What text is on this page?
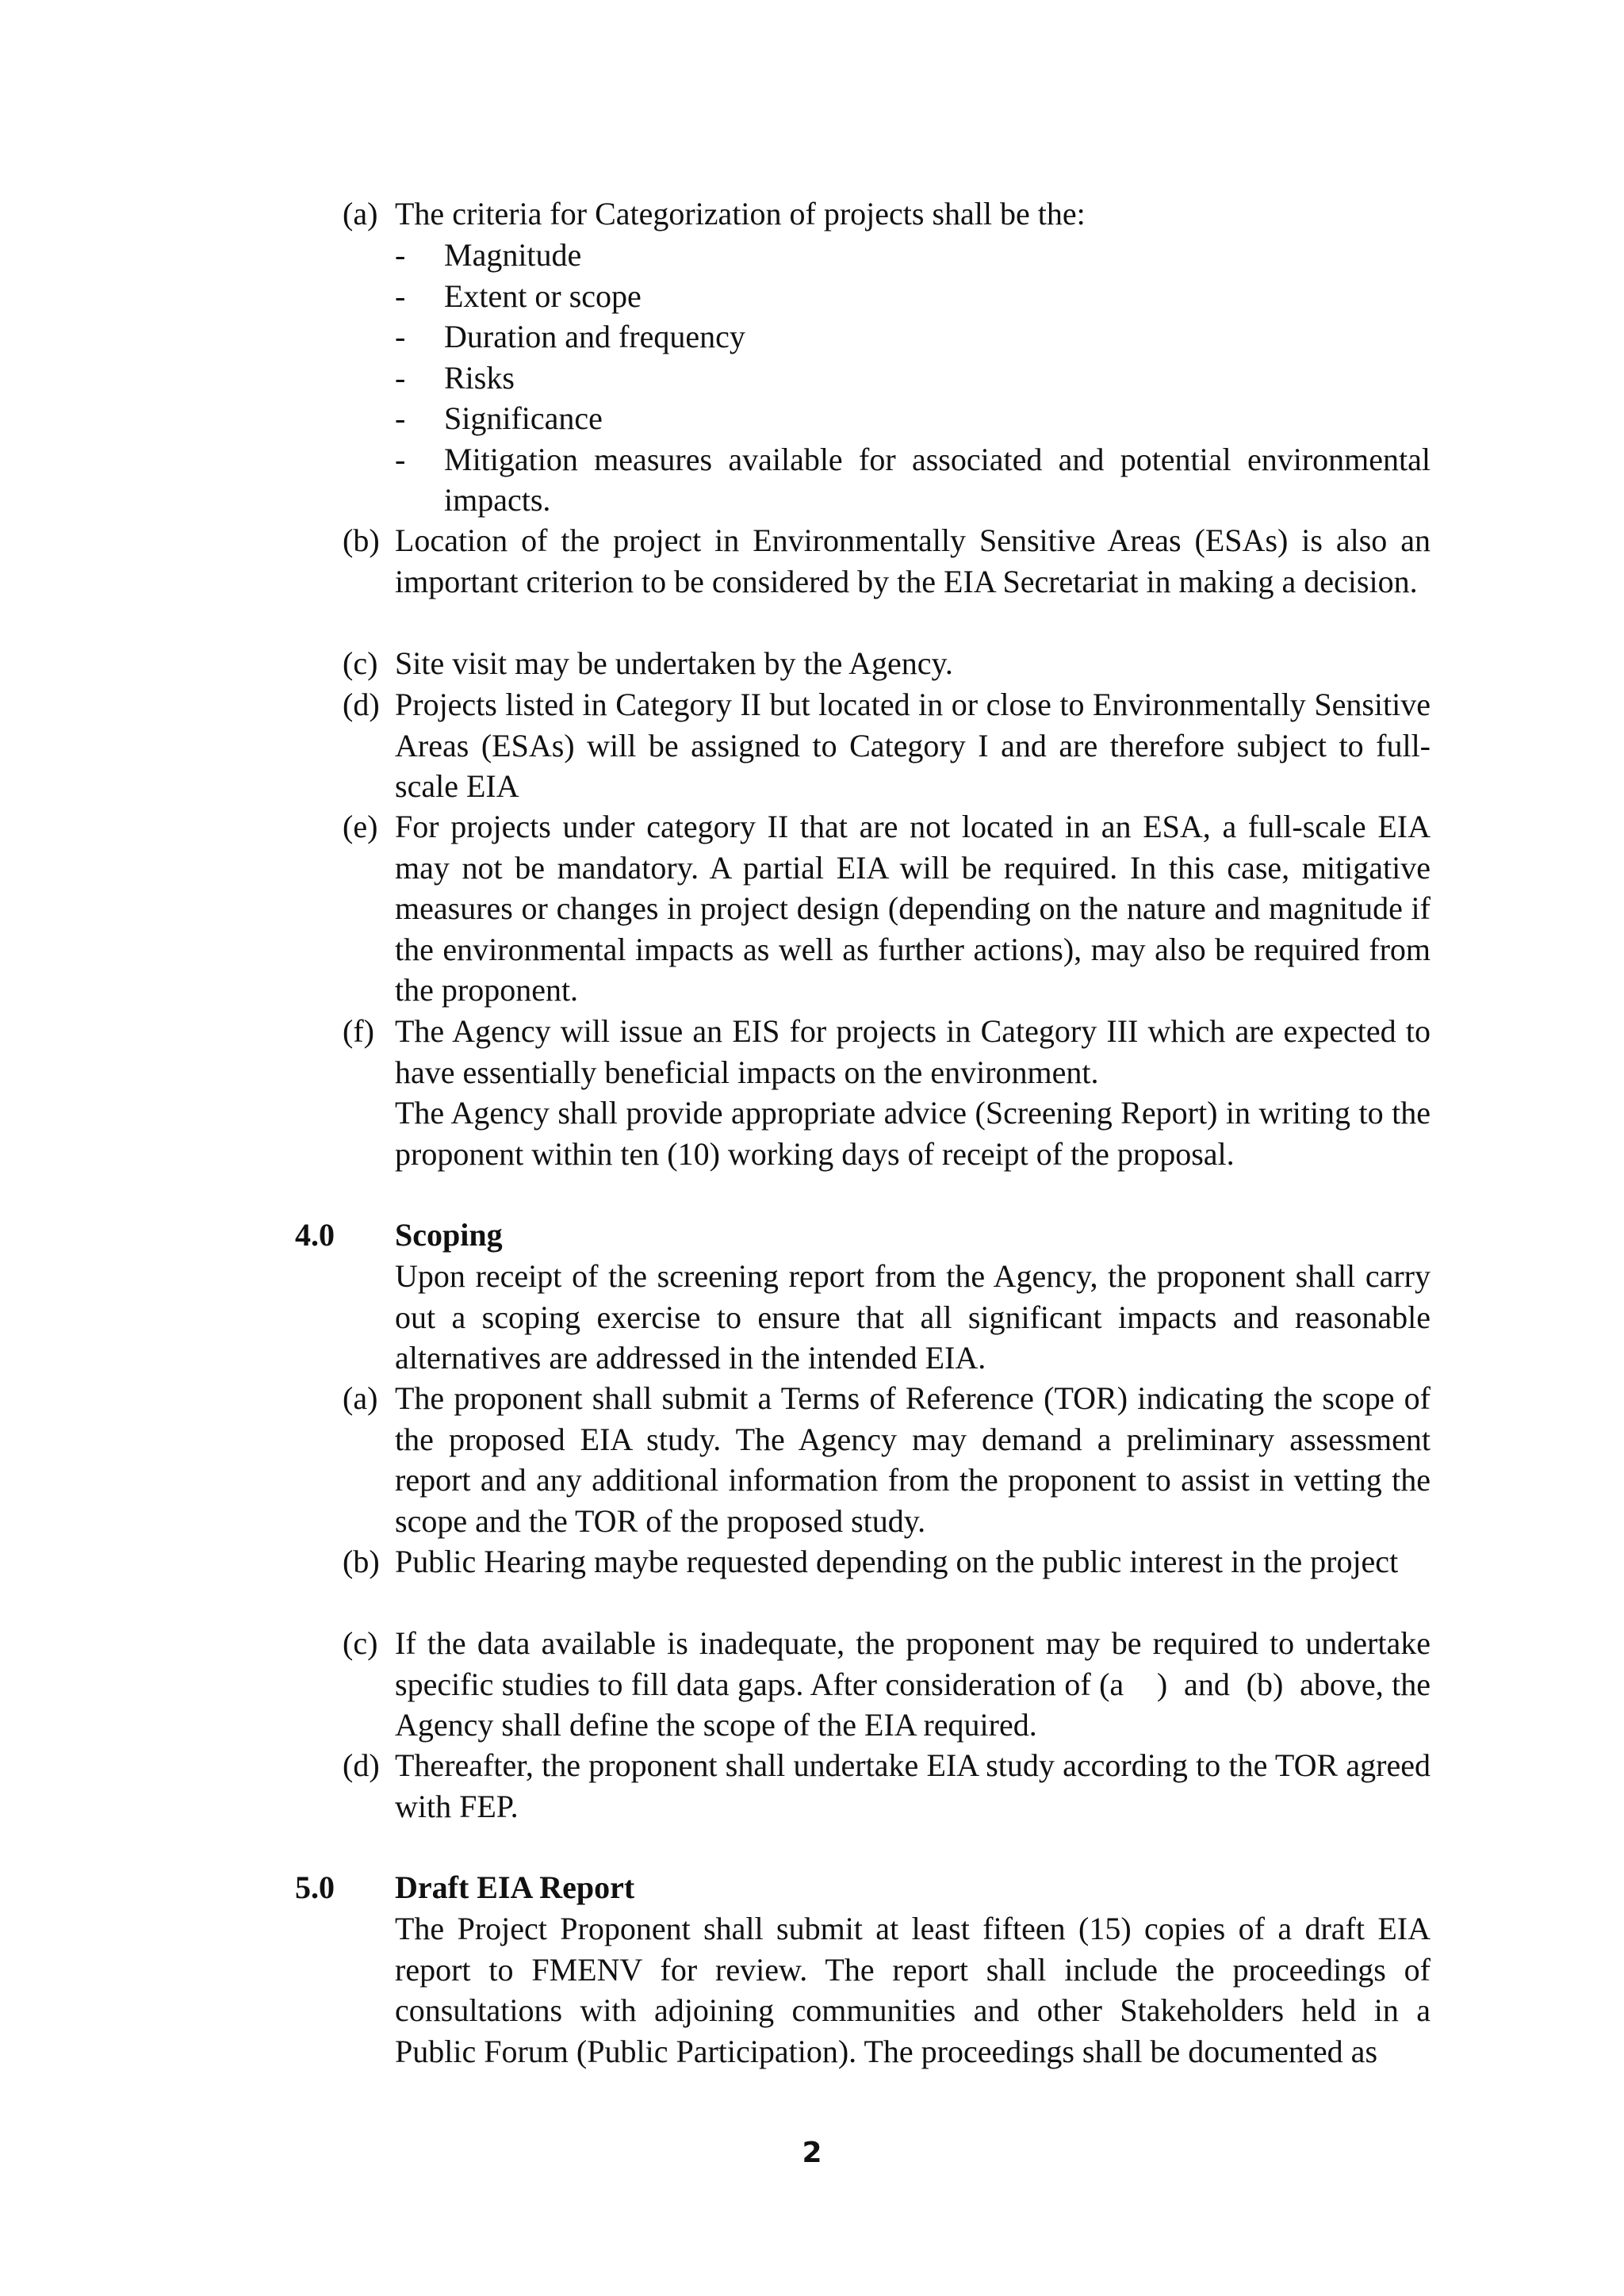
(a) The criteria for Categorization of projects shall be the:
-	Magnitude
-	Extent or scope
-	Duration and frequency
-	Risks
-	Significance
-	Mitigation measures available for associated and potential environmental impacts.
(b) Location of the project in Environmentally Sensitive Areas (ESAs) is also an important criterion to be considered by the EIA Secretariat in making a decision.
(c) Site visit may be undertaken by the Agency.
(d) Projects listed in Category II but located in or close to Environmentally Sensitive Areas (ESAs) will be assigned to Category I and are therefore subject to full-scale EIA
(e) For projects under category II that are not located in an ESA, a full-scale EIA may not be mandatory. A partial EIA will be required. In this case, mitigative measures or changes in project design (depending on the nature and magnitude if the environmental impacts as well as further actions), may also be required from the proponent.
(f) The Agency will issue an EIS for projects in Category III which are expected to have essentially beneficial impacts on the environment.
The Agency shall provide appropriate advice (Screening Report) in writing to the proponent within ten (10) working days of receipt of the proposal.
4.0 Scoping
Upon receipt of the screening report from the Agency, the proponent shall carry out a scoping exercise to ensure that all significant impacts and reasonable alternatives are addressed in the intended EIA.
(a) The proponent shall submit a Terms of Reference (TOR) indicating the scope of the proposed EIA study. The Agency may demand a preliminary assessment report and any additional information from the proponent to assist in vetting the scope and the TOR of the proposed study.
(b) Public Hearing maybe requested depending on the public interest in the project
(c) If the data available is inadequate, the proponent may be required to undertake specific studies to fill data gaps. After consideration of (a    )  and  (b)  above, the Agency shall define the scope of the EIA required.
(d) Thereafter, the proponent shall undertake EIA study according to the TOR agreed with FEP.
5.0 Draft EIA Report
The Project Proponent shall submit at least fifteen (15) copies of a draft EIA report to FMENV for review. The report shall include the proceedings of consultations with adjoining communities and other Stakeholders held in a Public Forum (Public Participation). The proceedings shall be documented as
2
